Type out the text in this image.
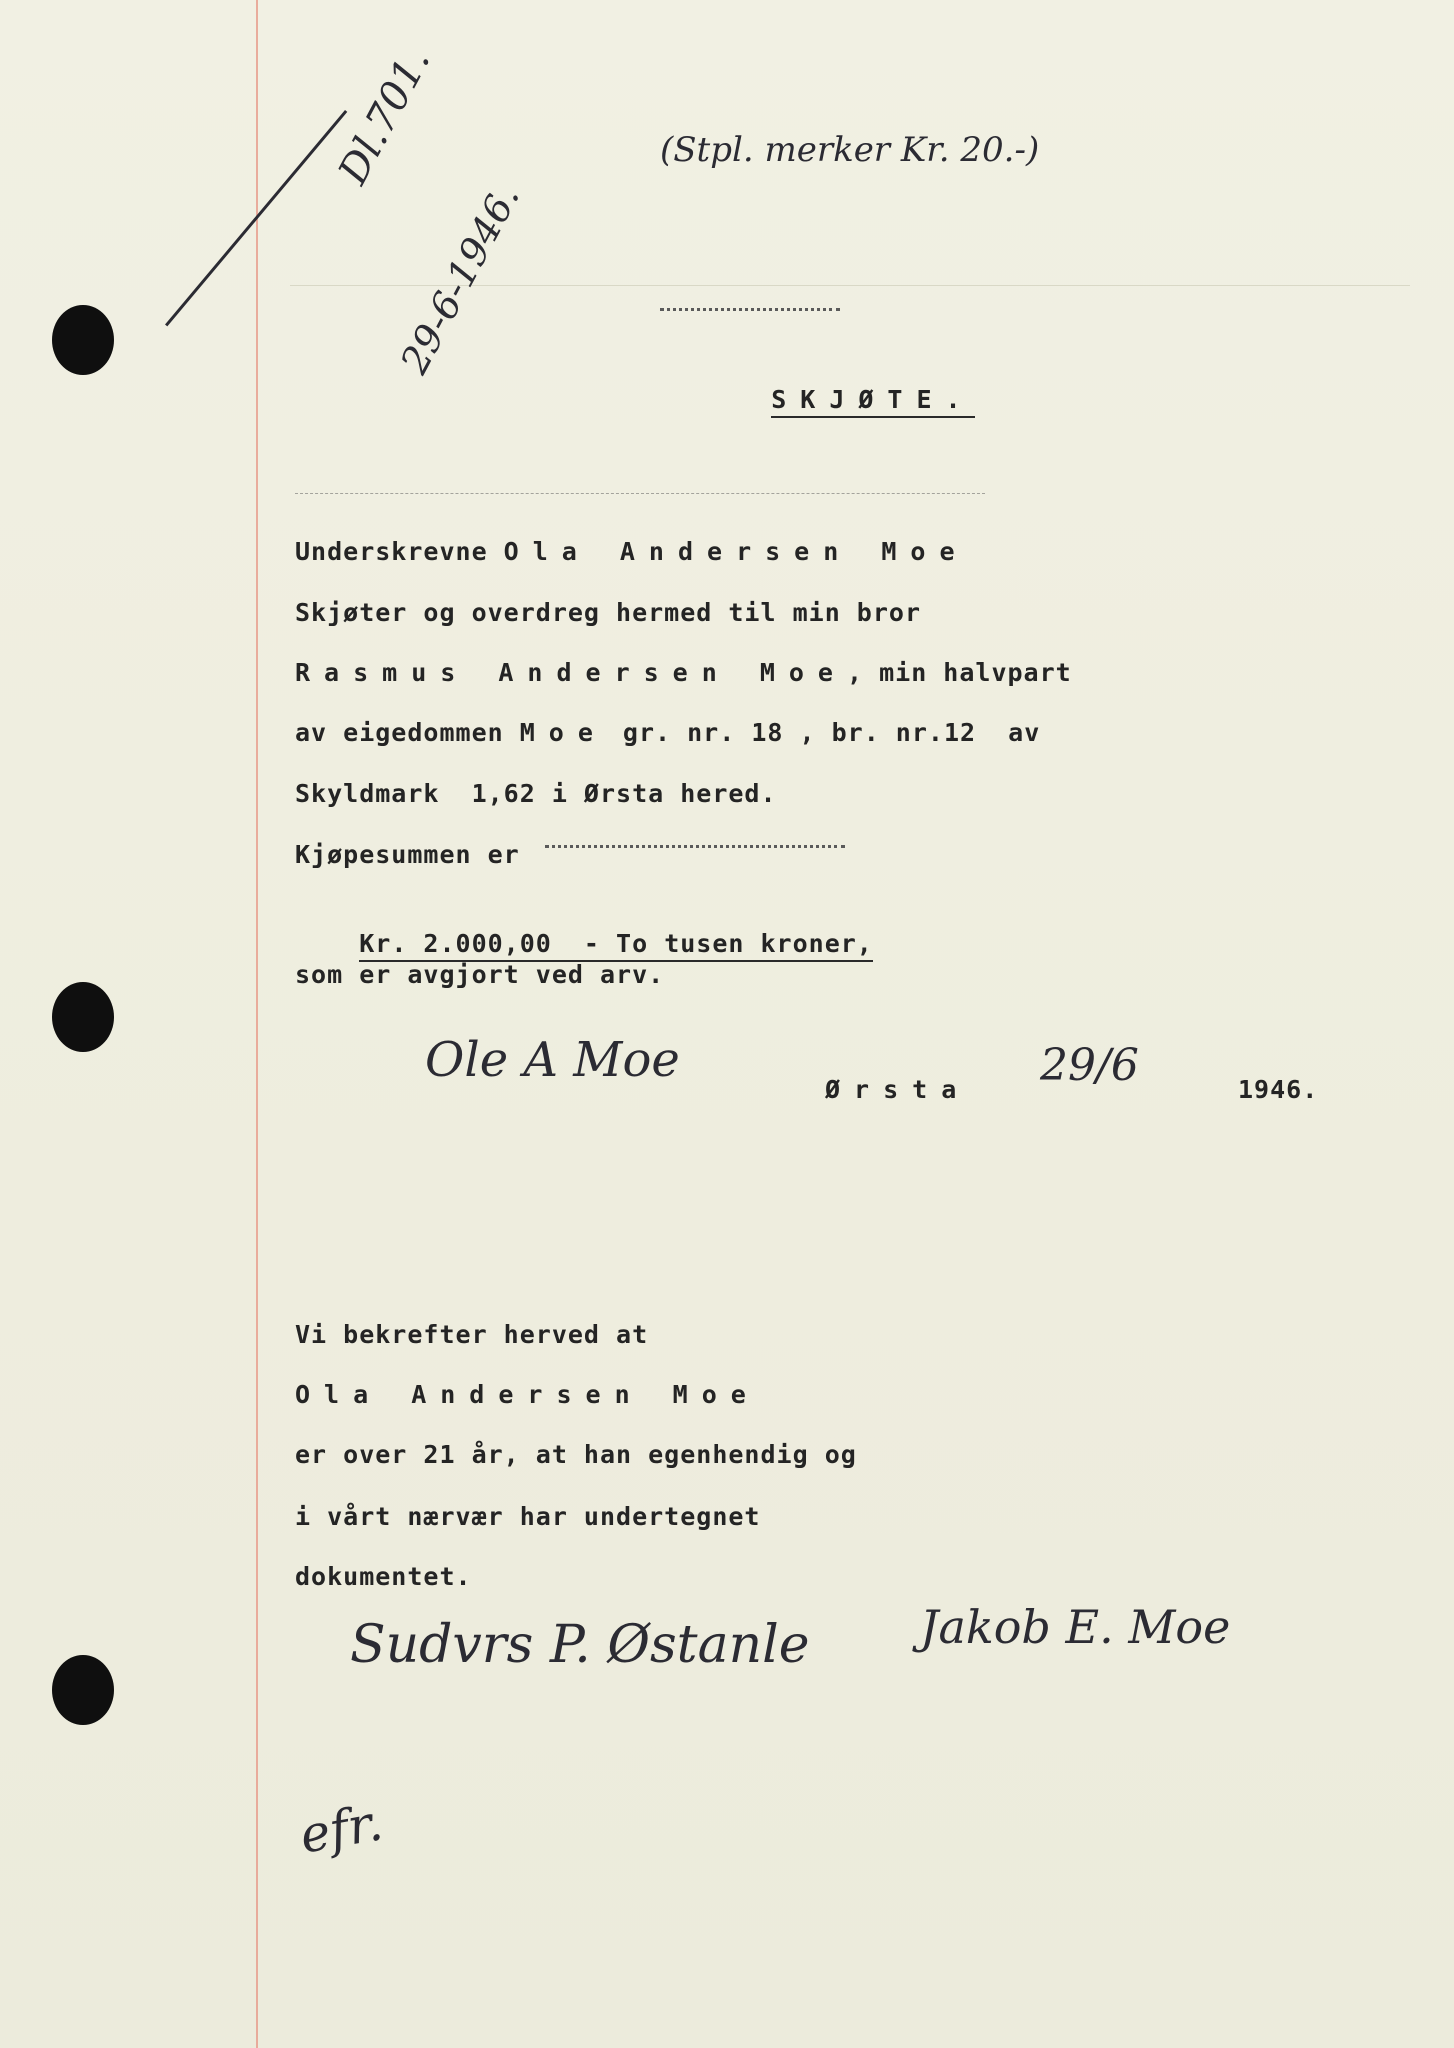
Dl.701.
29-6-1946.
(Stpl. merker Kr. 20.-)

SKJØTE.

Underskrevne Ola Andersen Moe
Skjøter og overdreg hermed til min bror
Rasmus Andersen Moe, min halvpart
av eigedommen Moe gr. nr. 18 , br. nr.12  av
Skyldmark  1,62 i Ørsta hered.
Kjøpesummen er

Kr. 2.000,00  - To tusen kroner,

som er avgjort ved arv.
Ole A Moe
Ørsta 29/6	1946.
Vi bekrefter herved at
Ola Andersen Moe
er over 21 år, at han egenhendig og
i vårt nærvær har undertegnet
dokumentet.
Sudvrs P. Østanle Jakob E. Moe
efr.
